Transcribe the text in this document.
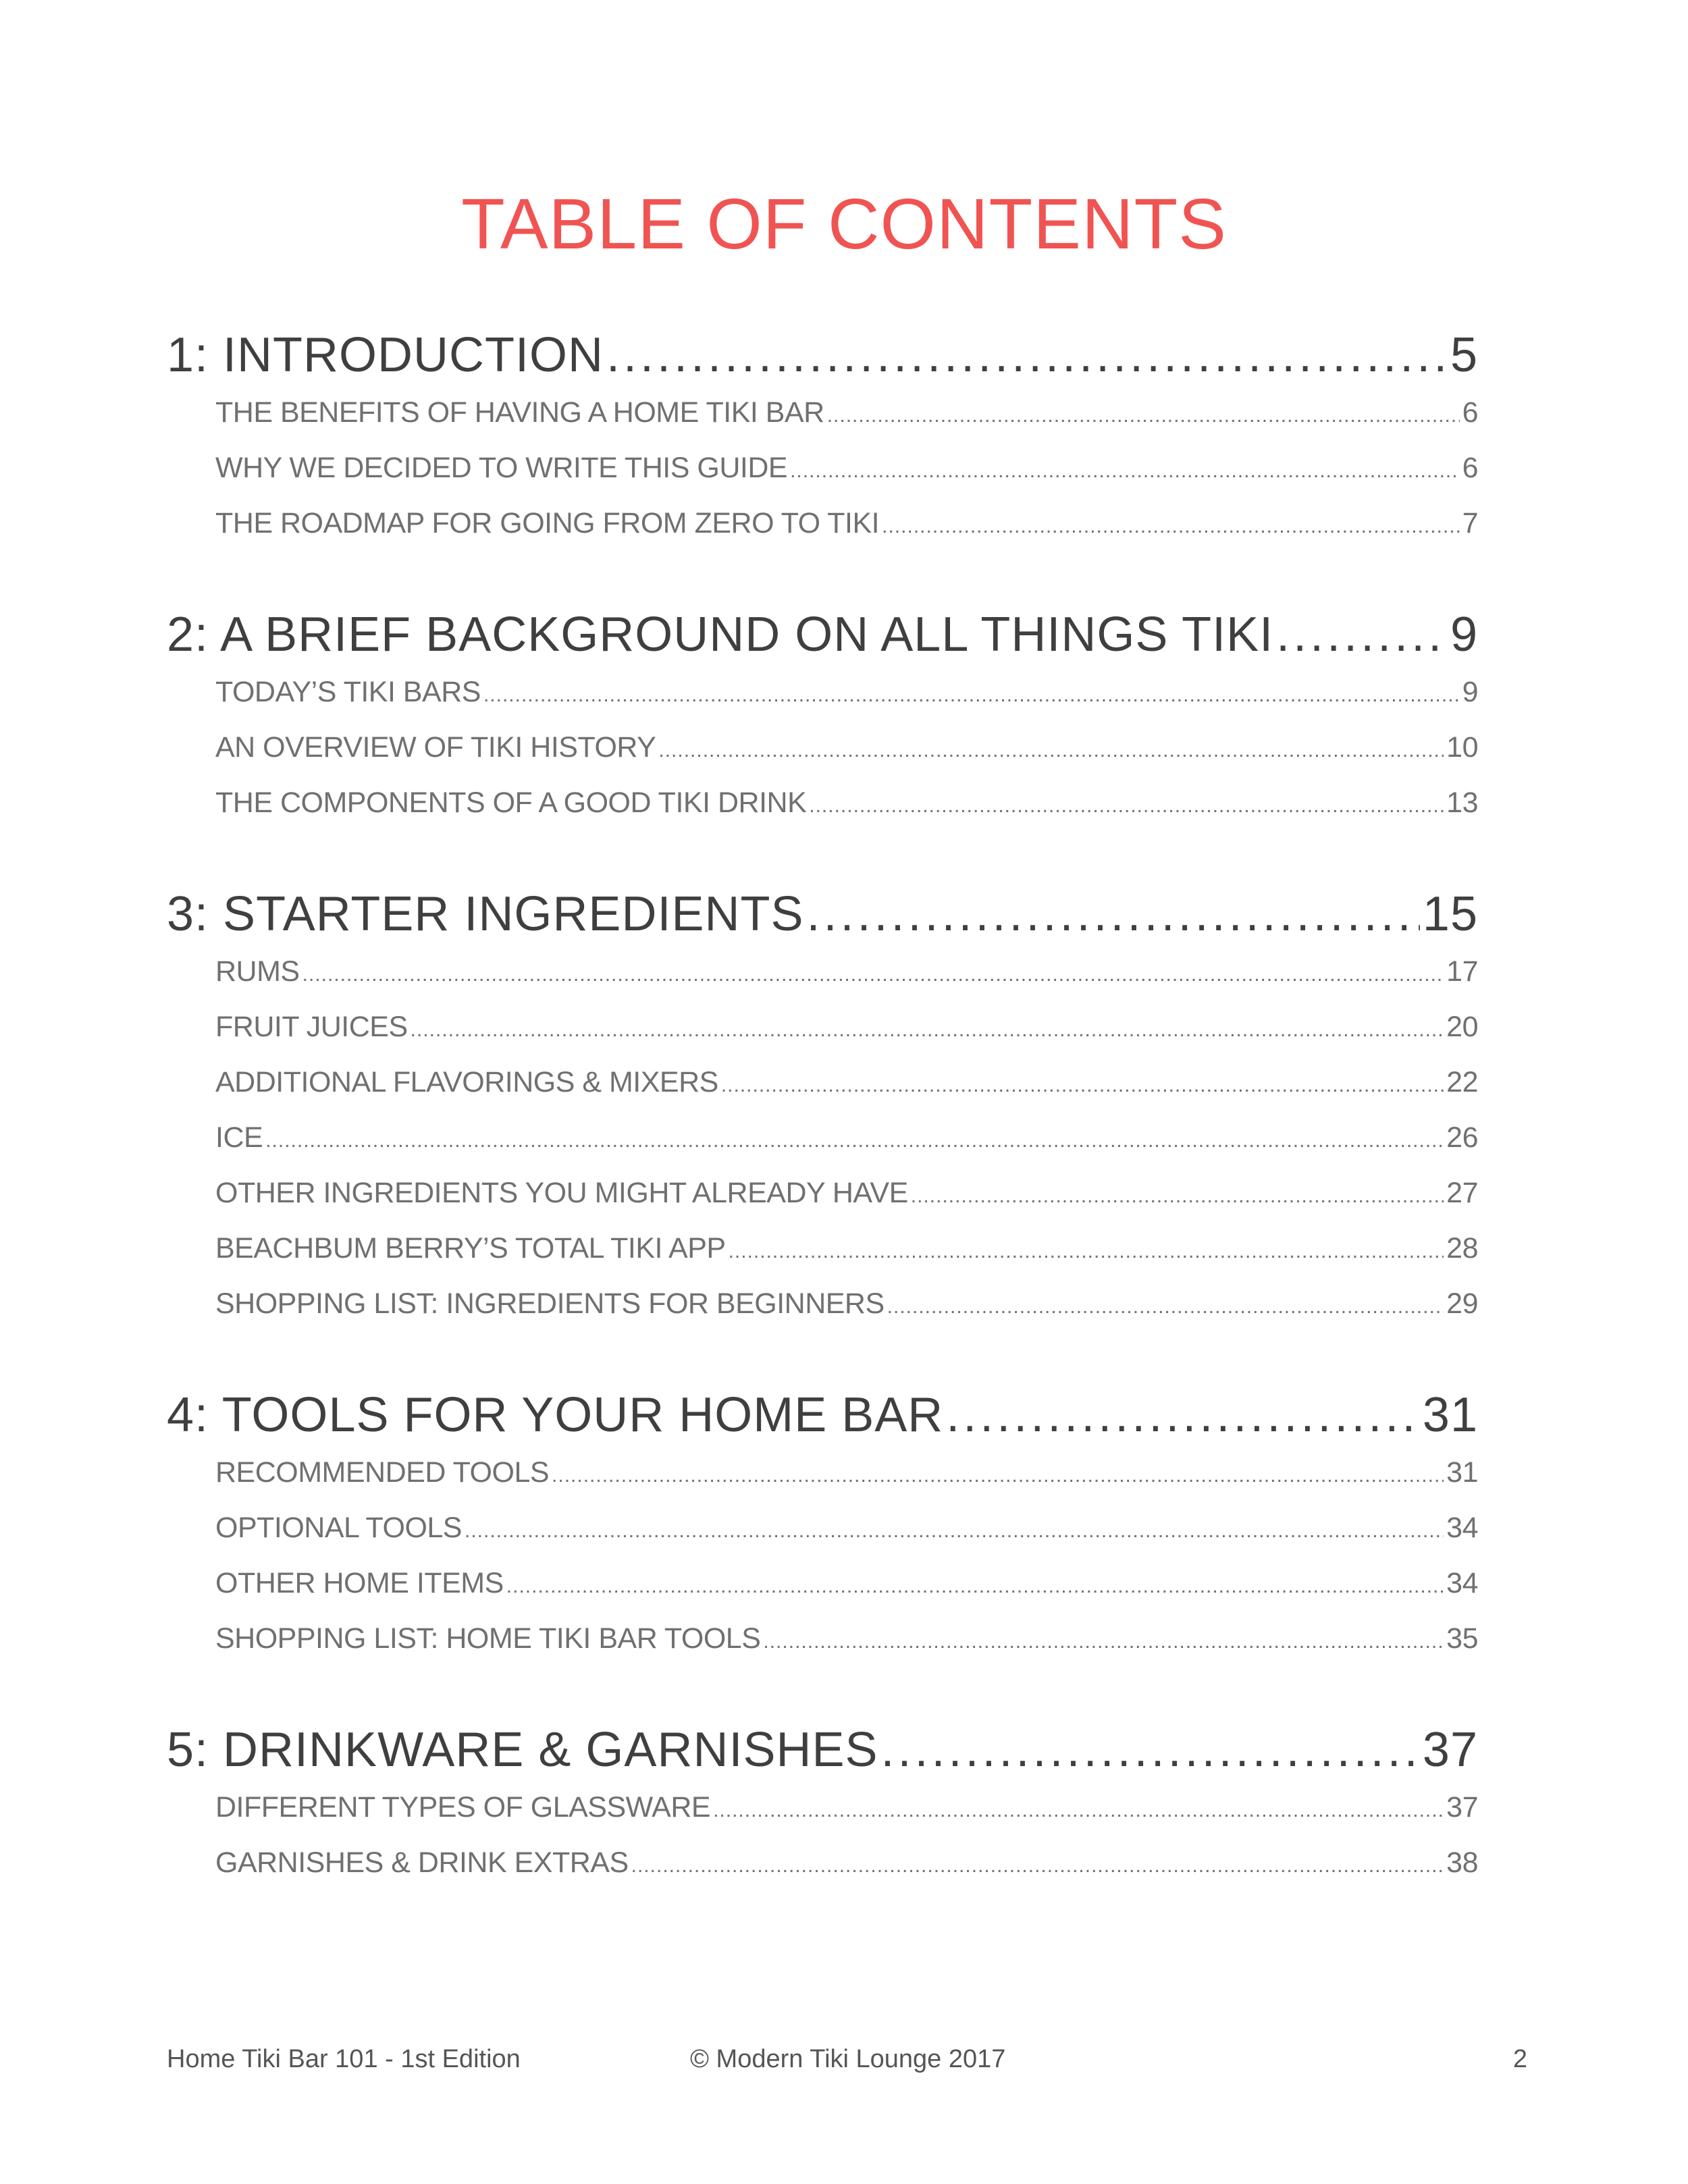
TABLE OF CONTENTS
1: INTRODUCTION .....	5
THE BENEFITS OF HAVING A HOME TIKI BAR .....	6
WHY WE DECIDED TO WRITE THIS GUIDE .....	6
THE ROADMAP FOR GOING FROM ZERO TO TIKI .....	7
2: A BRIEF BACKGROUND ON ALL THINGS TIKI .....	9
TODAY’S TIKI BARS .....	9
AN OVERVIEW OF TIKI HISTORY .....	10
THE COMPONENTS OF A GOOD TIKI DRINK .....	13
3: STARTER INGREDIENTS .....	15
RUMS .....	17
FRUIT JUICES .....	20
ADDITIONAL FLAVORINGS & MIXERS .....	22
ICE .....	26
OTHER INGREDIENTS YOU MIGHT ALREADY HAVE .....	27
BEACHBUM BERRY’S TOTAL TIKI APP .....	28
SHOPPING LIST: INGREDIENTS FOR BEGINNERS .....	29
4: TOOLS FOR YOUR HOME BAR .....	31
RECOMMENDED TOOLS .....	31
OPTIONAL TOOLS .....	34
OTHER HOME ITEMS .....	34
SHOPPING LIST: HOME TIKI BAR TOOLS .....	35
5: DRINKWARE & GARNISHES .....	37
DIFFERENT TYPES OF GLASSWARE .....	37
GARNISHES & DRINK EXTRAS .....	38
Home Tiki Bar 101 - 1st Edition	© Modern Tiki Lounge 2017	2
